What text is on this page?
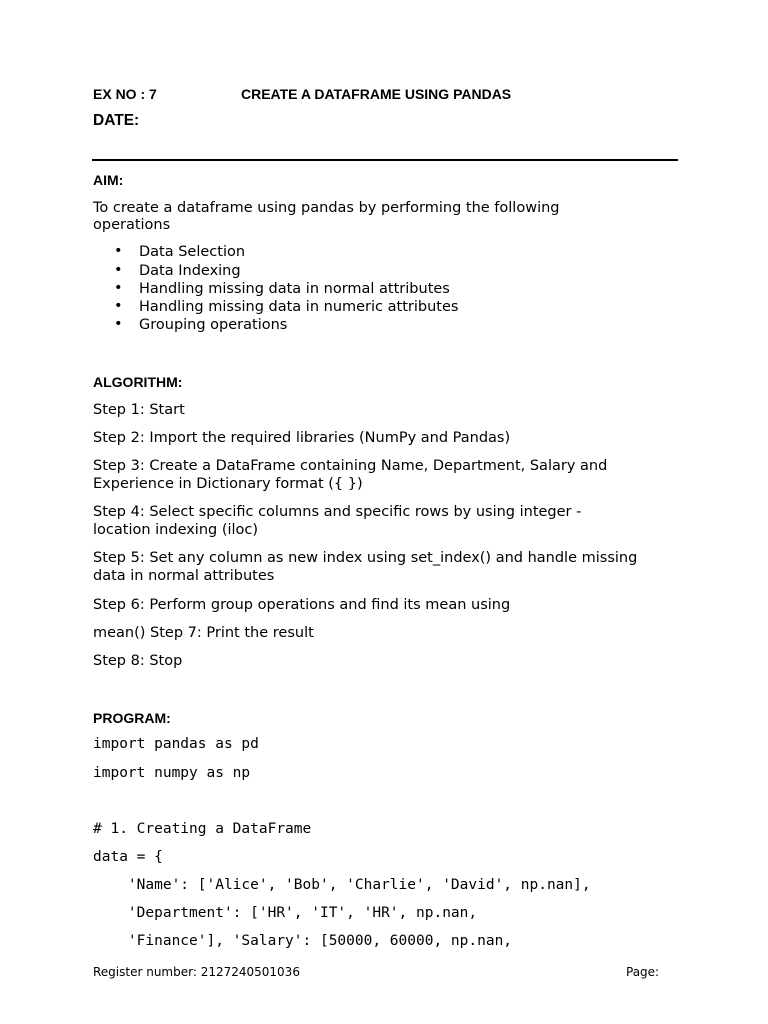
EX NO : 7	CREATE A DATAFRAME USING PANDAS
DATE:
AIM:
To create a dataframe using pandas by performing the following
operations
• Data Selection
• Data Indexing
• Handling missing data in normal attributes
• Handling missing data in numeric attributes
• Grouping operations
ALGORITHM:
Step 1: Start
Step 2: Import the required libraries (NumPy and Pandas)
Step 3: Create a DataFrame containing Name, Department, Salary and
Experience in Dictionary format ({ })
Step 4: Select specific columns and specific rows by using integer -
location indexing (iloc)
Step 5: Set any column as new index using set_index() and handle missing
data in normal attributes
Step 6: Perform group operations and find its mean using
mean() Step 7: Print the result
Step 8: Stop
PROGRAM:
import pandas as pd
import numpy as np
# 1. Creating a DataFrame
data = {
'Name': ['Alice', 'Bob', 'Charlie', 'David', np.nan],
'Department': ['HR', 'IT', 'HR', np.nan,
'Finance'], 'Salary': [50000, 60000, np.nan,
Register number: 2127240501036	Page:
